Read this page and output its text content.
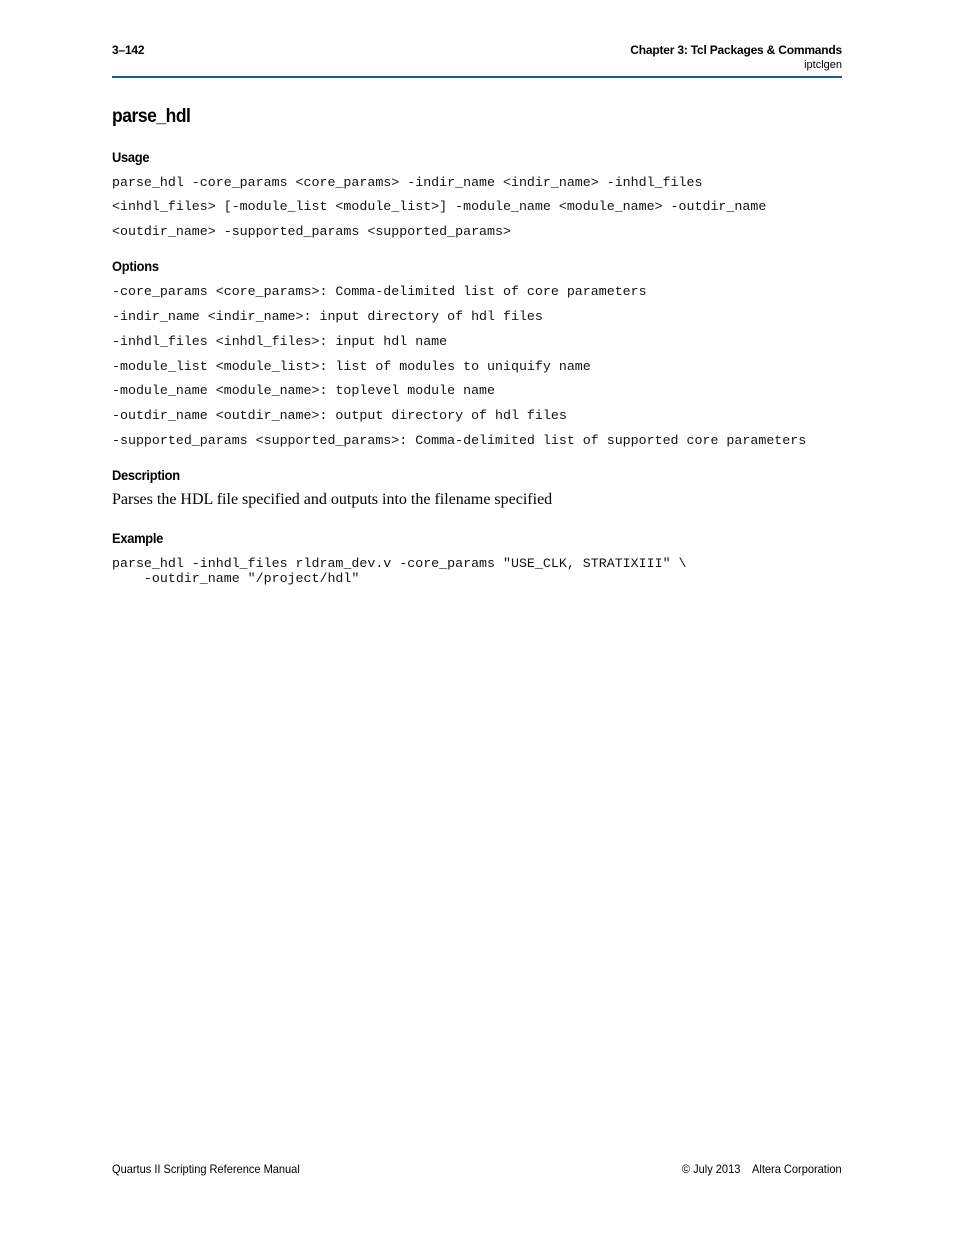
3–142	Chapter 3: Tcl Packages & Commands
iptclgen
parse_hdl
Usage
parse_hdl -core_params <core_params> -indir_name <indir_name> -inhdl_files
<inhdl_files> [-module_list <module_list>] -module_name <module_name> -outdir_name
<outdir_name> -supported_params <supported_params>
Options
-core_params <core_params>: Comma-delimited list of core parameters
-indir_name <indir_name>: input directory of hdl files
-inhdl_files <inhdl_files>: input hdl name
-module_list <module_list>: list of modules to uniquify name
-module_name <module_name>: toplevel module name
-outdir_name <outdir_name>: output directory of hdl files
-supported_params <supported_params>: Comma-delimited list of supported core parameters
Description
Parses the HDL file specified and outputs into the filename specified
Example
parse_hdl -inhdl_files rldram_dev.v -core_params "USE_CLK, STRATIXIII" \
-outdir_name "/project/hdl"
Quartus II Scripting Reference Manual	© July 2013    Altera Corporation
